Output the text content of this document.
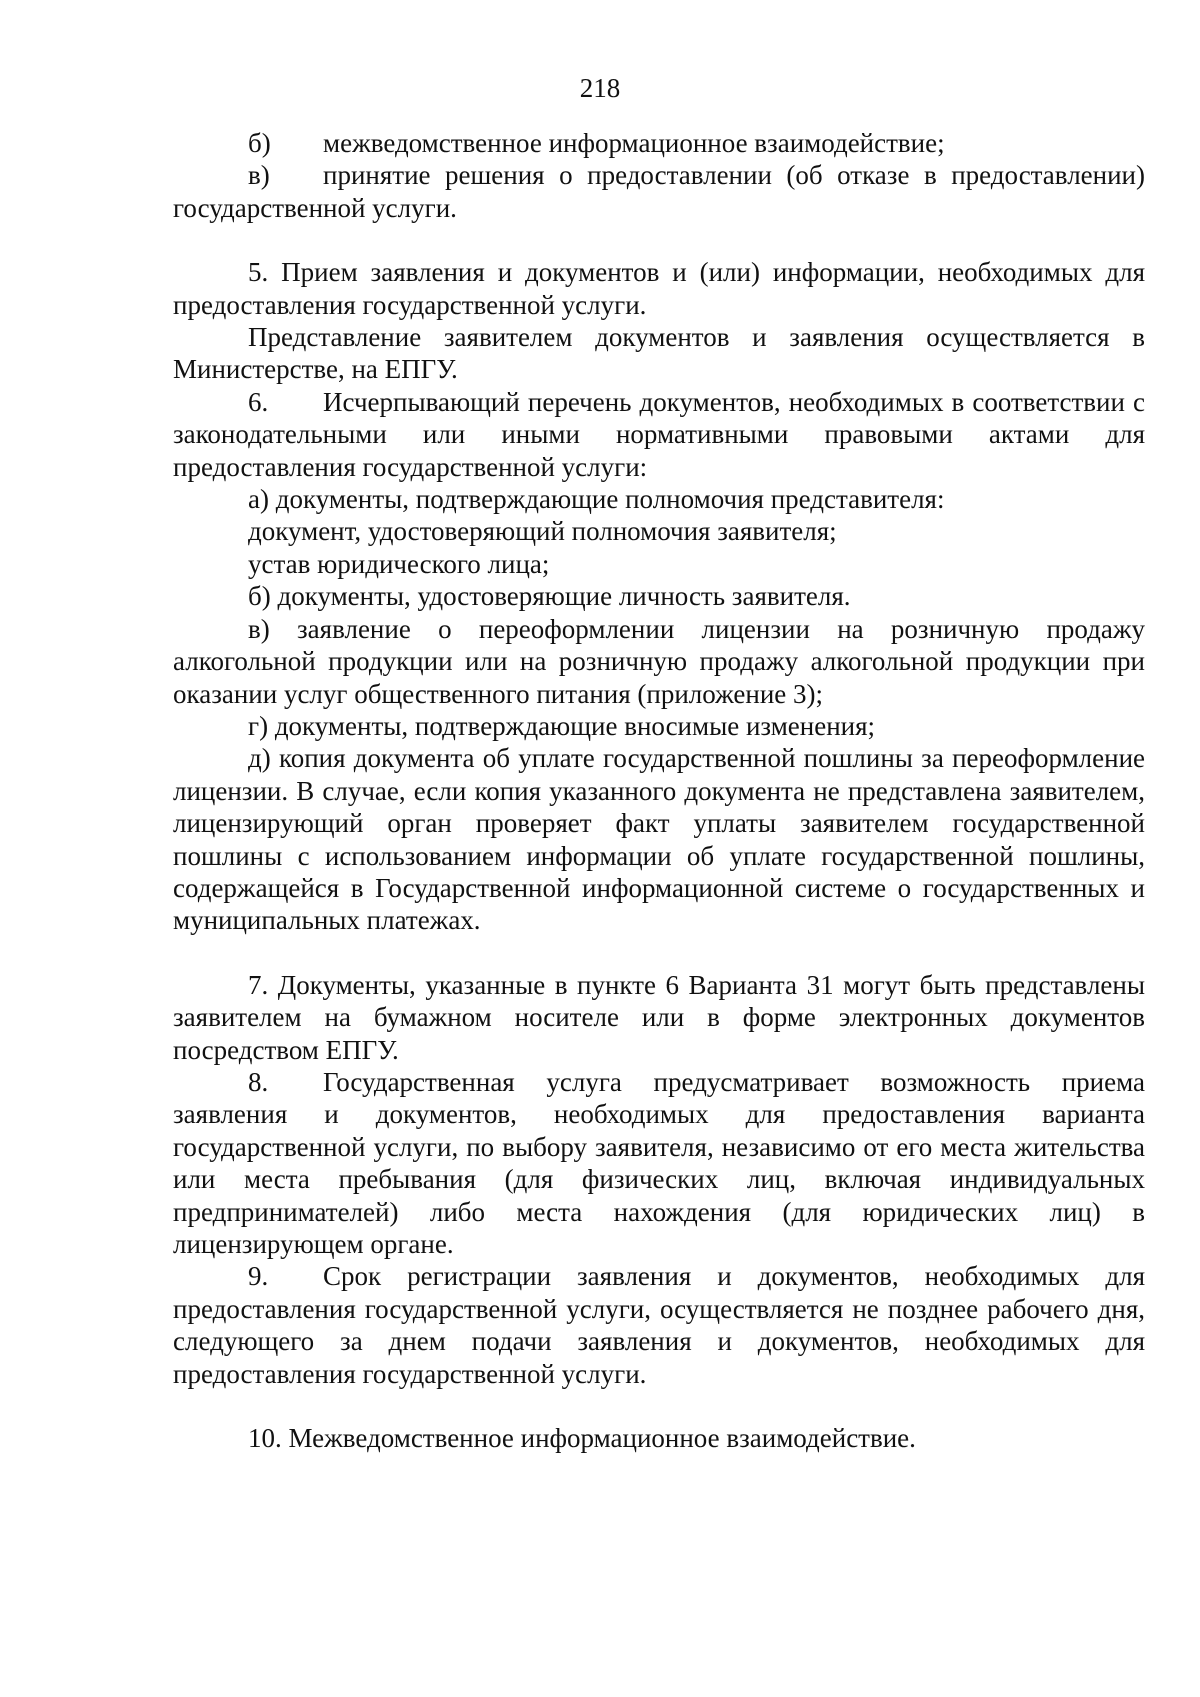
218
б)	межведомственное информационное взаимодействие;

в) принятие решения о предоставлении (об отказе в предоставлении) государственной услуги.

5. Прием заявления и документов и (или) информации, необходимых для предоставления государственной услуги.

Представление заявителем документов и заявления осуществляется в Министерстве, на ЕПГУ.

6. Исчерпывающий перечень документов, необходимых в соответствии с законодательными или иными нормативными правовыми актами для предоставления государственной услуги:

а) документы, подтверждающие полномочия представителя:

документ, удостоверяющий полномочия заявителя;

устав юридического лица;

б) документы, удостоверяющие личность заявителя.

в) заявление о переоформлении лицензии на розничную продажу алкогольной продукции или на розничную продажу алкогольной продукции при оказании услуг общественного питания (приложение 3);

г) документы, подтверждающие вносимые изменения;

д) копия документа об уплате государственной пошлины за переоформление лицензии. В случае, если копия указанного документа не представлена заявителем, лицензирующий орган проверяет факт уплаты заявителем государственной пошлины с использованием информации об уплате государственной пошлины, содержащейся в Государственной информационной системе о государственных и муниципальных платежах.

7. Документы, указанные в пункте 6 Варианта 31 могут быть представлены заявителем на бумажном носителе или в форме электронных документов посредством ЕПГУ.

8. Государственная услуга предусматривает возможность приема заявления и документов, необходимых для предоставления варианта государственной услуги, по выбору заявителя, независимо от его места жительства или места пребывания (для физических лиц, включая индивидуальных предпринимателей) либо места нахождения (для юридических лиц) в лицензирующем органе.

9. Срок регистрации заявления и документов, необходимых для предоставления государственной услуги, осуществляется не позднее рабочего дня, следующего за днем подачи заявления и документов, необходимых для предоставления государственной услуги.

10. Межведомственное информационное взаимодействие.
